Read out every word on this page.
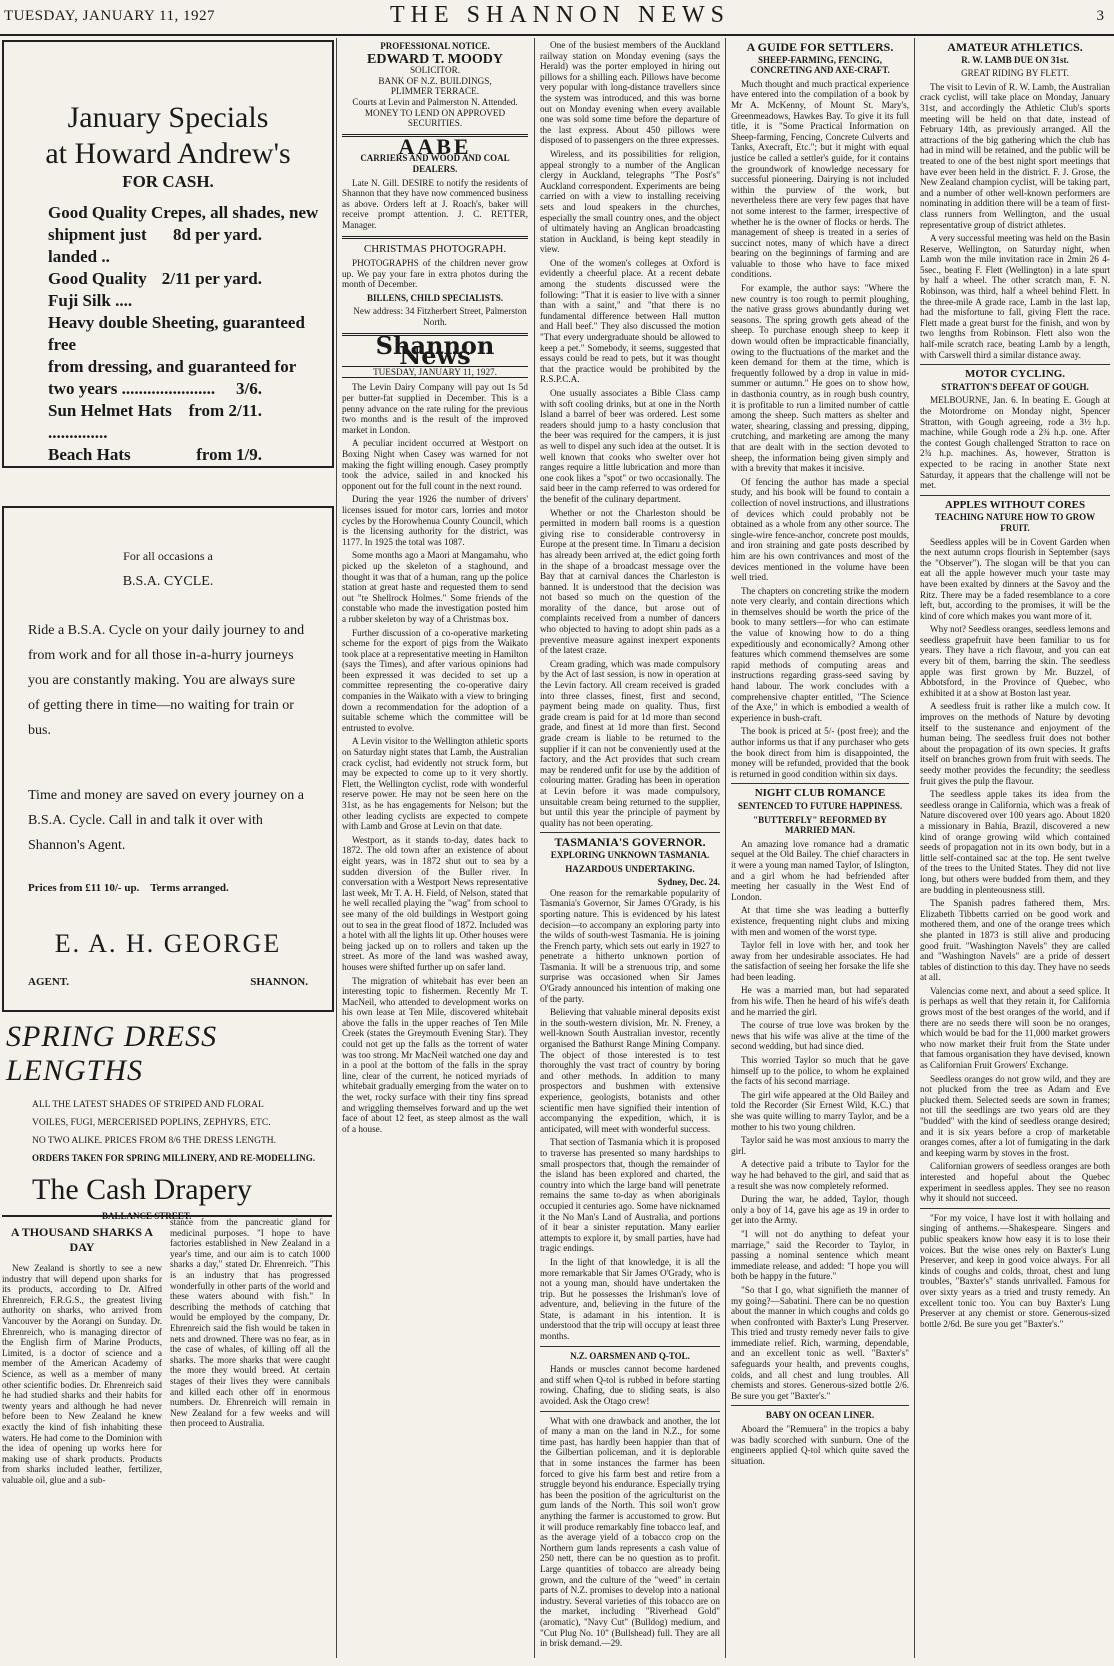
TUESDAY, JANUARY 11, 1927	THE SHANNON NEWS	3
January Specials
at Howard Andrew's
FOR CASH.
Good Quality Crepes, all shades, new
8d per yard.
shipment just landed ..
2/11 per yard.
Good Quality Fuji Silk ....
Heavy double Sheeting, guaranteed free
from dressing, and guaranteed for
3/6.
two years ......................
from 2/11.
Sun Helmet Hats ..............
from 1/9.
Beach Hats

For all occasions a

B.S.A. CYCLE.

Ride a B.S.A. Cycle on your daily journey to and from work and for all those in-a-hurry journeys you are constantly making. You are always sure of getting there in time—no waiting for train or bus.

Time and money are saved on every journey on a B.S.A. Cycle. Call in and talk it over with Shannon's Agent.

Prices from £11 10/- up. Terms arranged.

E. A. H. GEORGE

AGENT.	SHANNON.

SPRING DRESS LENGTHS
ALL THE LATEST SHADES OF STRIPED AND FLORAL
VOILES, FUGI, MERCERISED POPLINS, ZEPHYRS, ETC.
NO TWO ALIKE. PRICES FROM 8/6 THE DRESS LENGTH.
ORDERS TAKEN FOR SPRING MILLINERY, AND RE-MODELLING.
The Cash Drapery
BALLANCE STREET.
A THOUSAND SHARKS A DAY

New Zealand is shortly to see a new industry that will depend upon sharks for its products, according to Dr. Alfred Ehrenreich, F.R.G.S., the greatest living authority on sharks, who arrived from Vancouver by the Aorangi on Sunday. Dr. Ehrenreich, who is managing director of the English firm of Marine Products, Limited, is a doctor of science and a member of the American Academy of Science, as well as a member of many other scientific bodies. Dr. Ehrenreich said he had studied sharks and their habits for twenty years and although he had never before been to New Zealand he knew exactly the kind of fish inhabiting these waters. He had come to the Dominion with the idea of opening up works here for making use of shark products. Products from sharks included leather, fertilizer, valuable oil, glue and a sub-

stance from the pancreatic gland for medicinal purposes. "I hope to have factories established in New Zealand in a year's time, and our aim is to catch 1000 sharks a day," stated Dr. Ehrenreich. "This is an industry that has progressed wonderfully in other parts of the world and these waters abound with fish." In describing the methods of catching that would be employed by the company, Dr. Ehrenreich said the fish would be taken in nets and drowned. There was no fear, as in the case of whales, of killing off all the sharks. The more sharks that were caught the more they would breed. At certain stages of their lives they were cannibals and killed each other off in enormous numbers. Dr. Ehrenreich will remain in New Zealand for a few weeks and will then proceed to Australia.

PROFESSIONAL NOTICE.
EDWARD T. MOODY
SOLICITOR.
BANK OF N.Z. BUILDINGS,
PLIMMER TERRACE.
Courts at Levin and Palmerston N. Attended.
MONEY TO LEND ON APPROVED SECURITIES.
AABE
CARRIERS AND WOOD AND COAL DEALERS.

Late N. Gill. DESIRE to notify the residents of Shannon that they have now commenced business as above. Orders left at J. Roach's, baker will receive prompt attention. J. C. RETTER, Manager.

CHRISTMAS PHOTOGRAPH.

PHOTOGRAPHS of the children never grow up. We pay your fare in extra photos during the month of December.

BILLENS, CHILD SPECIALISTS.

New address: 34 Fitzherbert Street, Palmerston North.

Shannon News
TUESDAY, JANUARY 11, 1927.

The Levin Dairy Company will pay out 1s 5d per butter-fat supplied in December. This is a penny advance on the rate ruling for the previous two months and is the result of the improved market in London.

A peculiar incident occurred at Westport on Boxing Night when Casey was warned for not making the fight willing enough. Casey promptly took the advice, sailed in and knocked his opponent out for the full count in the next round.

During the year 1926 the number of drivers' licenses issued for motor cars, lorries and motor cycles by the Horowhenua County Council, which is the licensing authority for the district, was 1177. In 1925 the total was 1087.

Some months ago a Maori at Mangamahu, who picked up the skeleton of a staghound, and thought it was that of a human, rang up the police station at great haste and requested them to send out "te Shellrock Holmes." Some friends of the constable who made the investigation posted him a rubber skeleton by way of a Christmas box.

Further discussion of a co-operative marketing scheme for the export of pigs from the Waikato took place at a representative meeting in Hamilton (says the Times), and after various opinions had been expressed it was decided to set up a committee representing the co-operative dairy companies in the Waikato with a view to bringing down a recommendation for the adoption of a suitable scheme which the committee will be entrusted to evolve.

A Levin visitor to the Wellington athletic sports on Saturday night states that Lamb, the Australian crack cyclist, had evidently not struck form, but may be expected to come up to it very shortly. Flett, the Wellington cyclist, rode with wonderful reserve power. He may not be seen here on the 31st, as he has engagements for Nelson; but the other leading cyclists are expected to compete with Lamb and Grose at Levin on that date.

Westport, as it stands to-day, dates back to 1872. The old town after an existence of about eight years, was in 1872 shut out to sea by a sudden diversion of the Buller river. In conversation with a Westport News representative last week, Mr T. A. H. Field, of Nelson, stated that he well recalled playing the "wag" from school to see many of the old buildings in Westport going out to sea in the great flood of 1872. Included was a hotel with all the lights lit up. Other houses were being jacked up on to rollers and taken up the street. As more of the land was washed away, houses were shifted further up on safer land.

The migration of whitebait has ever been an interesting topic to fishermen. Recently Mr T. MacNeil, who attended to development works on his own lease at Ten Mile, discovered whitebait above the falls in the upper reaches of Ten Mile Creek (states the Greymouth Evening Star). They could not get up the falls as the torrent of water was too strong. Mr MacNeil watched one day and in a pool at the bottom of the falls in the spray line, clear of the current, he noticed myriads of whitebait gradually emerging from the water on to the wet, rocky surface with their tiny fins spread and wriggling themselves forward and up the wet face of about 12 feet, as steep almost as the wall of a house.

One of the busiest members of the Auckland railway station on Monday evening (says the Herald) was the porter employed in hiring out pillows for a shilling each. Pillows have become very popular with long-distance travellers since the system was introduced, and this was borne out on Monday evening when every available one was sold some time before the departure of the last express. About 450 pillows were disposed of to passengers on the three expresses.

Wireless, and its possibilities for religion, appeal strongly to a number of the Anglican clergy in Auckland, telegraphs "The Post's" Auckland correspondent. Experiments are being carried on with a view to installing receiving sets and loud speakers in the churches, especially the small country ones, and the object of ultimately having an Anglican broadcasting station in Auckland, is being kept steadily in view.

One of the women's colleges at Oxford is evidently a cheerful place. At a recent debate among the students discussed were the following: "That it is easier to live with a sinner than with a saint," and "that there is no fundamental difference between Hall mutton and Hall beef." They also discussed the motion "That every undergraduate should be allowed to keep a pet." Somebody, it seems, suggested that essays could be read to pets, but it was thought that the practice would be prohibited by the R.S.P.C.A.

One usually associates a Bible Class camp with soft cooling drinks, but at one in the North Island a barrel of beer was ordered. Lest some readers should jump to a hasty conclusion that the beer was required for the campers, it is just as well to dispel any such idea at the outset. It is well known that cooks who swelter over hot ranges require a little lubrication and more than one cook likes a "spot" or two occasionally. The said beer in the camp referred to was ordered for the benefit of the culinary department.

Whether or not the Charleston should be permitted in modern ball rooms is a question giving rise to considerable controversy in Europe at the present time. In Timaru a decision has already been arrived at, the edict going forth in the shape of a broadcast message over the Bay that at carnival dances the Charleston is banned. It is understood that the decision was not based so much on the question of the morality of the dance, but arose out of complaints received from a number of dancers who objected to having to adopt shin pads as a preventive measure against inexpert exponents of the latest craze.

Cream grading, which was made compulsory by the Act of last session, is now in operation at the Levin factory. All cream received is graded into three classes, finest, first and second, payment being made on quality. Thus, first grade cream is paid for at 1d more than second grade, and finest at 1d more than first. Second grade cream is liable to be returned to the supplier if it can not be conveniently used at the factory, and the Act provides that such cream may be rendered unfit for use by the addition of colouring matter. Grading has been in operation at Levin before it was made compulsory, unsuitable cream being returned to the supplier, but until this year the principle of payment by quality has not been operating.

TASMANIA'S GOVERNOR.
EXPLORING UNKNOWN TASMANIA.
HAZARDOUS UNDERTAKING.
Sydney, Dec. 24.

One reason for the remarkable popularity of Tasmania's Governor, Sir James O'Grady, is his sporting nature. This is evidenced by his latest decision—to accompany an exploring party into the wilds of south-west Tasmania. He is joining the French party, which sets out early in 1927 to penetrate a hitherto unknown portion of Tasmania. It will be a strenuous trip, and some surprise was occasioned when Sir James O'Grady announced his intention of making one of the party.

Believing that valuable mineral deposits exist in the south-western division, Mr. N. Freney, a well-known South Australian investor, recently organised the Bathurst Range Mining Company. The object of those interested is to test thoroughly the vast tract of country by boring and other methods. In addition to many prospectors and bushmen with extensive experience, geologists, botanists and other scientific men have signified their intention of accompanying the expedition, which, it is anticipated, will meet with wonderful success.

That section of Tasmania which it is proposed to traverse has presented so many hardships to small prospectors that, though the remainder of the island has been explored and charted, the country into which the large band will penetrate remains the same to-day as when aboriginals occupied it centuries ago. Some have nicknamed it the No Man's Land of Australia, and portions of it bear a sinister reputation. Many earlier attempts to explore it, by small parties, have had tragic endings.

In the light of that knowledge, it is all the more remarkable that Sir James O'Grady, who is not a young man, should have undertaken the trip. But he possesses the Irishman's love of adventure, and, believing in the future of the State, is adamant in his intention. It is understood that the trip will occupy at least three months.

N.Z. OARSMEN AND Q-TOL.

Hands or muscles cannot become hardened and stiff when Q-tol is rubbed in before starting rowing. Chafing, due to sliding seats, is also avoided. Ask the Otago crew!

What with one drawback and another, the lot of many a man on the land in N.Z., for some time past, has hardly been happier than that of the Gilbertian policeman, and it is deplorable that in some instances the farmer has been forced to give his farm best and retire from a struggle beyond his endurance. Especially trying has been the position of the agriculturist on the gum lands of the North. This soil won't grow anything the farmer is accustomed to grow. But it will produce remarkably fine tobacco leaf, and as the average yield of a tobacco crop on the Northern gum lands represents a cash value of 250 nett, there can be no question as to profit. Large quantities of tobacco are already being grown, and the culture of the "weed" in certain parts of N.Z. promises to develop into a national industry. Several varieties of this tobacco are on the market, including "Riverhead Gold" (aromatic), "Navy Cut" (Bulldog) medium, and "Cut Plug No. 10" (Bullshead) full. They are all in brisk demand.—29.

A GUIDE FOR SETTLERS.
SHEEP-FARMING, FENCING, CONCRETING AND AXE-CRAFT.

Much thought and much practical experience have entered into the compilation of a book by Mr A. McKenny, of Mount St. Mary's, Greenmeadows, Hawkes Bay. To give it its full title, it is "Some Practical Information on Sheep-farming, Fencing, Concrete Culverts and Tanks, Axecraft, Etc."; but it might with equal justice be called a settler's guide, for it contains the groundwork of knowledge necessary for successful pioneering. Dairying is not included within the purview of the work, but nevertheless there are very few pages that have not some interest to the farmer, irrespective of whether he is the owner of flocks or herds. The management of sheep is treated in a series of succinct notes, many of which have a direct bearing on the beginnings of farming and are valuable to those who have to face mixed conditions.

For example, the author says: "Where the new country is too rough to permit ploughing, the native grass grows abundantly during wet seasons. The spring growth gets ahead of the sheep. To purchase enough sheep to keep it down would often be impracticable financially, owing to the fluctuations of the market and the keen demand for them at the time, which is frequently followed by a drop in value in mid-summer or autumn." He goes on to show how, in dasthonia country, as in rough bush country, it is profitable to run a limited number of cattle among the sheep. Such matters as shelter and water, shearing, classing and pressing, dipping, crutching, and marketing are among the many that are dealt with in the section devoted to sheep, the information being given simply and with a brevity that makes it incisive.

Of fencing the author has made a special study, and his book will be found to contain a collection of novel instructions, and illustrations of devices which could probably not be obtained as a whole from any other source. The single-wire fence-anchor, concrete post moulds, and iron straining and gate posts described by him are his own contrivances and most of the devices mentioned in the volume have been well tried.

The chapters on concreting strike the modern note very clearly, and contain directions which in themselves should be worth the price of the book to many settlers—for who can estimate the value of knowing how to do a thing expeditiously and economically? Among other features which commend themselves are some rapid methods of computing areas and instructions regarding grass-seed saving by hand labour. The work concludes with a comprehensive chapter entitled, "The Science of the Axe," in which is embodied a wealth of experience in bush-craft.

The book is priced at 5/- (post free); and the author informs us that if any purchaser who gets the book direct from him is disappointed, the money will be refunded, provided that the book is returned in good condition within six days.

NIGHT CLUB ROMANCE
SENTENCED TO FUTURE HAPPINESS.
"BUTTERFLY" REFORMED BY MARRIED MAN.

An amazing love romance had a dramatic sequel at the Old Bailey. The chief characters in it were a young man named Taylor, of Islington, and a girl whom he had befriended after meeting her casually in the West End of London.

At that time she was leading a butterfly existence, frequenting night clubs and mixing with men and women of the worst type.

Taylor fell in love with her, and took her away from her undesirable associates. He had the satisfaction of seeing her forsake the life she had been leading.

He was a married man, but had separated from his wife. Then he heard of his wife's death and he married the girl.

The course of true love was broken by the news that his wife was alive at the time of the second wedding, but had since died.

This worried Taylor so much that he gave himself up to the police, to whom he explained the facts of his second marriage.

The girl wife appeared at the Old Bailey and told the Recorder (Sir Ernest Wild, K.C.) that she was quite willing to marry Taylor, and be a mother to his two young children.

Taylor said he was most anxious to marry the girl.

A detective paid a tribute to Taylor for the way he had behaved to the girl, and said that as a result she was now completely reformed.

During the war, he added, Taylor, though only a boy of 14, gave his age as 19 in order to get into the Army.

"I will not do anything to defeat your marriage," said the Recorder to Taylor, in passing a nominal sentence which meant immediate release, and added: "I hope you will both be happy in the future."

"So that I go, what signifieth the manner of my going?—Sabatini. There can be no question about the manner in which coughs and colds go when confronted with Baxter's Lung Preserver. This tried and trusty remedy never fails to give immediate relief. Rich, warming, dependable, and an excellent tonic as well. "Baxter's" safeguards your health, and prevents coughs, colds, and all chest and lung troubles. All chemists and stores. Generous-sized bottle 2/6. Be sure you get "Baxter's."

BABY ON OCEAN LINER.

Aboard the "Remuera" in the tropics a baby was badly scorched with sunburn. One of the engineers applied Q-tol which quite saved the situation.

AMATEUR ATHLETICS.
R. W. LAMB DUE ON 31st.
GREAT RIDING BY FLETT.

The visit to Levin of R. W. Lamb, the Australian crack cyclist, will take place on Monday, January 31st, and accordingly the Athletic Club's sports meeting will be held on that date, instead of February 14th, as previously arranged. All the attractions of the big gathering which the club has had in mind will be retained, and the public will be treated to one of the best night sport meetings that have ever been held in the district. F. J. Grose, the New Zealand champion cyclist, will be taking part, and a number of other well-known performers are nominating in addition there will be a team of first-class runners from Wellington, and the usual representative group of district athletes.

A very successful meeting was held on the Basin Reserve, Wellington, on Saturday night, when Lamb won the mile invitation race in 2min 26 4-5sec., beating F. Flett (Wellington) in a late spurt by half a wheel. The other scratch man, F. N. Robinson, was third, half a wheel behind Flett. In the three-mile A grade race, Lamb in the last lap, had the misfortune to fall, giving Flett the race. Flett made a great burst for the finish, and won by two lengths from Robinson. Flett also won the half-mile scratch race, beating Lamb by a length, with Carswell third a similar distance away.

MOTOR CYCLING.
STRATTON'S DEFEAT OF GOUGH.

MELBOURNE, Jan. 6. In beating E. Gough at the Motordrome on Monday night, Spencer Stratton, with Gough agreeing, rode a 3½ h.p. machine, while Gough rode a 2¾ h.p. one. After the contest Gough challenged Stratton to race on 2¾ h.p. machines. As, however, Stratton is expected to be racing in another State next Saturday, it appears that the challenge will not be met.

APPLES WITHOUT CORES
TEACHING NATURE HOW TO GROW FRUIT.

Seedless apples will be in Covent Garden when the next autumn crops flourish in September (says the "Observer"). The slogan will be that you can eat all the apple however much your taste may have been exalted by dinners at the Savoy and the Ritz. There may be a faded resemblance to a core left, but, according to the promises, it will be the kind of core which makes you want more of it.

Why not? Seedless oranges, seedless lemons and seedless grapefruit have been familiar to us for years. They have a rich flavour, and you can eat every bit of them, barring the skin. The seedless apple was first grown by Mr. Buzzel, of Abbotsford, in the Province of Quebec, who exhibited it at a show at Boston last year.

A seedless fruit is rather like a mulch cow. It improves on the methods of Nature by devoting itself to the sustenance and enjoyment of the human being. The seedless fruit does not bother about the propagation of its own species. It grafts itself on branches grown from fruit with seeds. The seedy mother provides the fecundity; the seedless fruit gives the pulp the flavour.

The seedless apple takes its idea from the seedless orange in California, which was a freak of Nature discovered over 100 years ago. About 1820 a missionary in Bahia, Brazil, discovered a new kind of orange growing wild which contained seeds of propagation not in its own body, but in a little self-contained sac at the top. He sent twelve of the trees to the United States. They did not live long, but others were budded from them, and they are budding in plenteousness still.

The Spanish padres fathered them, Mrs. Elizabeth Tibbetts carried on be good work and mothered them, and one of the orange trees which she planted in 1873 is still alive and producing good fruit. "Washington Navels" they are called and "Washington Navels" are a pride of dessert tables of distinction to this day. They have no seeds at all.

Valencias come next, and about a seed splice. It is perhaps as well that they retain it, for California grows most of the best oranges of the world, and if there are no seeds there will soon be no oranges, which would be bad for the 11,000 market growers who now market their fruit from the State under that famous organisation they have devised, known as Californian Fruit Growers' Exchange.

Seedless oranges do not grow wild, and they are not plucked from the tree as Adam and Eve plucked them. Selected seeds are sown in frames; not till the seedlings are two years old are they "budded" with the kind of seedless orange desired; and it is six years before a crop of marketable oranges comes, after a lot of fumigating in the dark and keeping warm by stoves in the frost.

Californian growers of seedless oranges are both interested and hopeful about the Quebec experiment in seedless apples. They see no reason why it should not succeed.

"For my voice, I have lost it with hollaing and singing of anthems.—Shakespeare. Singers and public speakers know how easy it is to lose their voices. But the wise ones rely on Baxter's Lung Preserver, and keep in good voice always. For all kinds of coughs and colds, throat, chest and lung troubles, "Baxter's" stands unrivalled. Famous for over sixty years as a tried and trusty remedy. An excellent tonic too. You can buy Baxter's Lung Preserver at any chemist or store. Generous-sized bottle 2/6d. Be sure you get "Baxter's."
